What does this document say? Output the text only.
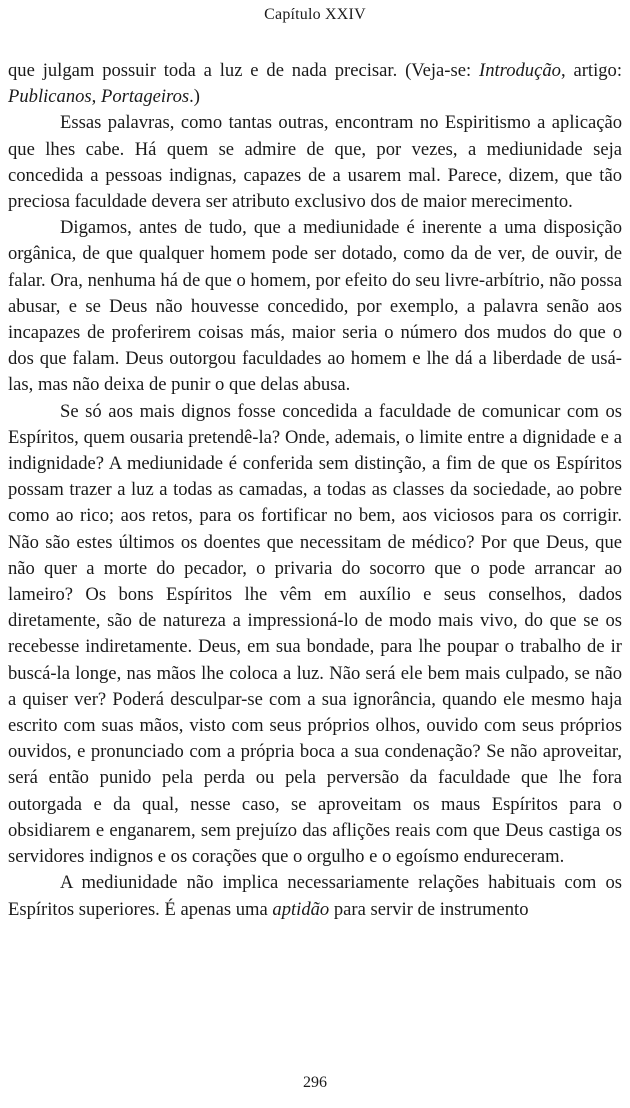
Capítulo XXIV

que julgam possuir toda a luz e de nada precisar. (Veja-se: Introdução, artigo: Publicanos, Portageiros.)

Essas palavras, como tantas outras, encontram no Espiritismo a aplicação que lhes cabe. Há quem se admire de que, por vezes, a mediunidade seja concedida a pessoas indignas, capazes de a usarem mal. Parece, dizem, que tão preciosa faculdade devera ser atributo exclusivo dos de maior merecimento.

Digamos, antes de tudo, que a mediunidade é inerente a uma disposição orgânica, de que qualquer homem pode ser dotado, como da de ver, de ouvir, de falar. Ora, nenhuma há de que o homem, por efeito do seu livre-arbítrio, não possa abusar, e se Deus não houvesse concedido, por exemplo, a palavra senão aos incapazes de proferirem coisas más, maior seria o número dos mudos do que o dos que falam. Deus outorgou faculdades ao homem e lhe dá a liberdade de usá-las, mas não deixa de punir o que delas abusa.

Se só aos mais dignos fosse concedida a faculdade de comunicar com os Espíritos, quem ousaria pretendê-la? Onde, ademais, o limite entre a dignidade e a indignidade? A mediunidade é conferida sem distinção, a fim de que os Espíritos possam trazer a luz a todas as camadas, a todas as classes da sociedade, ao pobre como ao rico; aos retos, para os fortificar no bem, aos viciosos para os corrigir. Não são estes últimos os doentes que necessitam de médico? Por que Deus, que não quer a morte do pecador, o privaria do socorro que o pode arrancar ao lameiro? Os bons Espíritos lhe vêm em auxílio e seus conselhos, dados diretamente, são de natureza a impressioná-lo de modo mais vivo, do que se os recebesse indiretamente. Deus, em sua bondade, para lhe poupar o trabalho de ir buscá-la longe, nas mãos lhe coloca a luz. Não será ele bem mais culpado, se não a quiser ver? Poderá desculpar-se com a sua ignorância, quando ele mesmo haja escrito com suas mãos, visto com seus próprios olhos, ouvido com seus próprios ouvidos, e pronunciado com a própria boca a sua condenação? Se não aproveitar, será então punido pela perda ou pela perversão da faculdade que lhe fora outorgada e da qual, nesse caso, se aproveitam os maus Espíritos para o obsidiarem e enganarem, sem prejuízo das aflições reais com que Deus castiga os servidores indignos e os corações que o orgulho e o egoísmo endureceram.

A mediunidade não implica necessariamente relações habituais com os Espíritos superiores. É apenas uma aptidão para servir de instrumento

296
